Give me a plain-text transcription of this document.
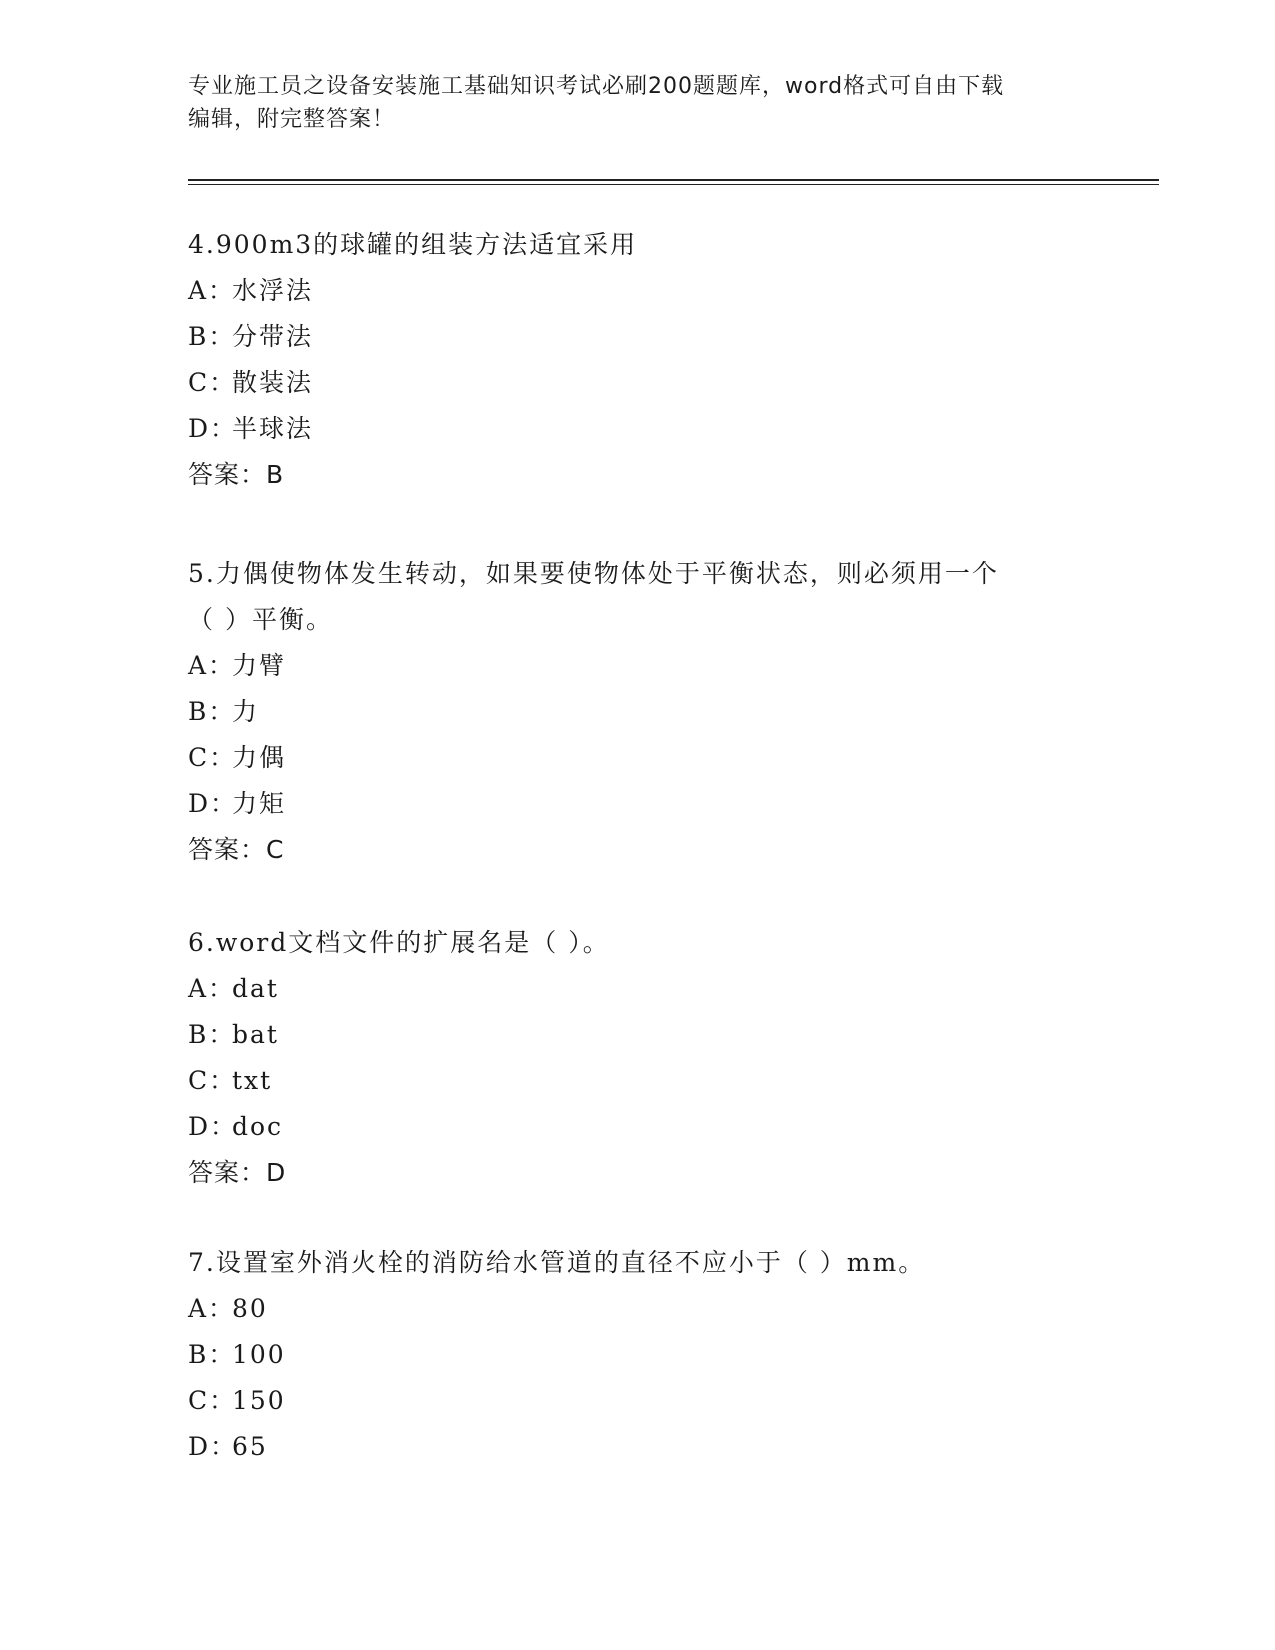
专业施工员之设备安装施工基础知识考试必刷200题题库，word格式可自由下载
编辑，附完整答案！
4.900m3的球罐的组装方法适宜采用
A：水浮法
B：分带法
C：散装法
D：半球法
答案：B
5.力偶使物体发生转动，如果要使物体处于平衡状态，则必须用一个
（ ）平衡。
A：力臂
B：力
C：力偶
D：力矩
答案：C
6.word文档文件的扩展名是（ ）。
A：dat
B：bat
C：txt
D：doc
答案：D
7.设置室外消火栓的消防给水管道的直径不应小于（ ）mm。
A：80
B：100
C：150
D：65
